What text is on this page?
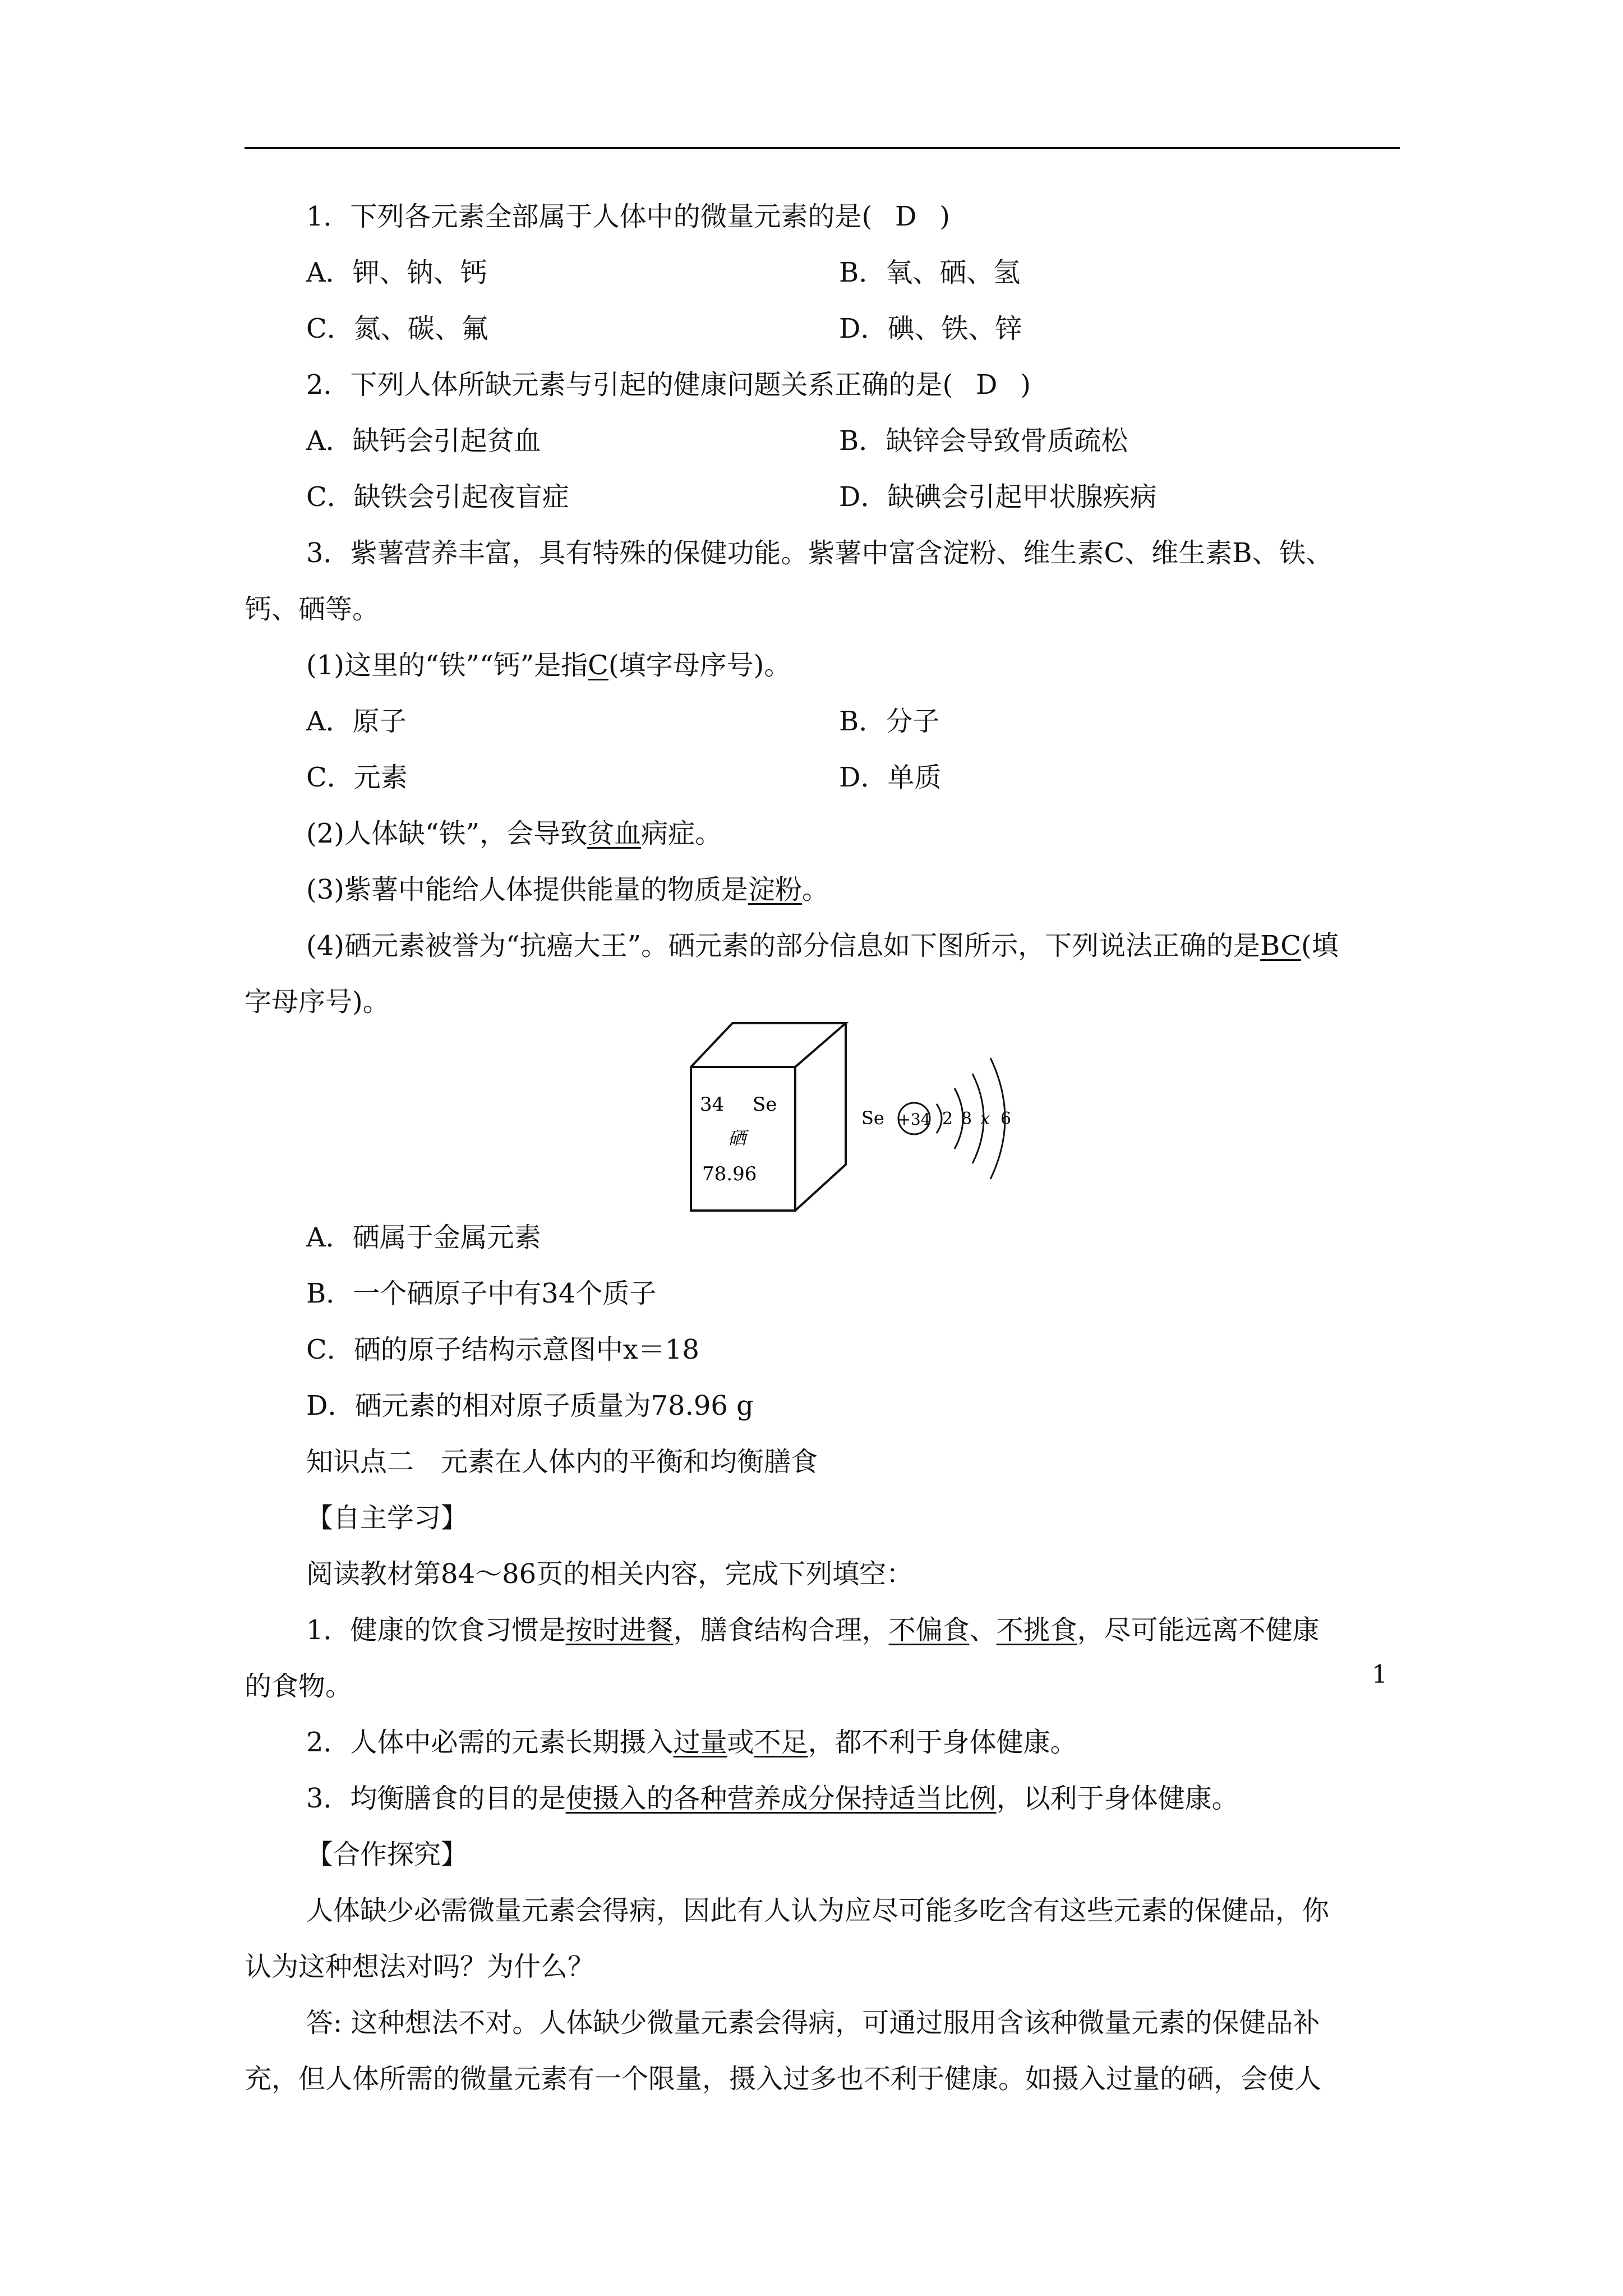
1．下列各元素全部属于人体中的微量元素的是( D )
A．钾、钠、钙	B．氧、硒、氢
C．氮、碳、氟	D．碘、铁、锌
2．下列人体所缺元素与引起的健康问题关系正确的是( D )
A．缺钙会引起贫血	B．缺锌会导致骨质疏松
C．缺铁会引起夜盲症	D．缺碘会引起甲状腺疾病
3．紫薯营养丰富，具有特殊的保健功能。紫薯中富含淀粉、维生素C、维生素B、铁、
钙、硒等。
(1)这里的“铁”“钙”是指C(填字母序号)。
A．原子	B．分子
C．元素	D．单质
(2)人体缺“铁”，会导致贫血病症。
(3)紫薯中能给人体提供能量的物质是淀粉。
(4)硒元素被誉为“抗癌大王”。硒元素的部分信息如下图所示，下列说法正确的是BC(填
字母序号)。
34 Se
硒
78.96
Se +34 2 8 x 6
A．硒属于金属元素
B．一个硒原子中有34个质子
C．硒的原子结构示意图中x＝18
D．硒元素的相对原子质量为78.96 g
知识点二　元素在人体内的平衡和均衡膳食
【自主学习】
阅读教材第84～86页的相关内容，完成下列填空：
1．健康的饮食习惯是按时进餐，膳食结构合理，不偏食、不挑食，尽可能远离不健康
的食物。
2．人体中必需的元素长期摄入过量或不足，都不利于身体健康。
3．均衡膳食的目的是使摄入的各种营养成分保持适当比例，以利于身体健康。
【合作探究】
人体缺少必需微量元素会得病，因此有人认为应尽可能多吃含有这些元素的保健品，你
认为这种想法对吗？为什么？
答: 这种想法不对。人体缺少微量元素会得病，可通过服用含该种微量元素的保健品补
充，但人体所需的微量元素有一个限量，摄入过多也不利于健康。如摄入过量的硒，会使人
1
